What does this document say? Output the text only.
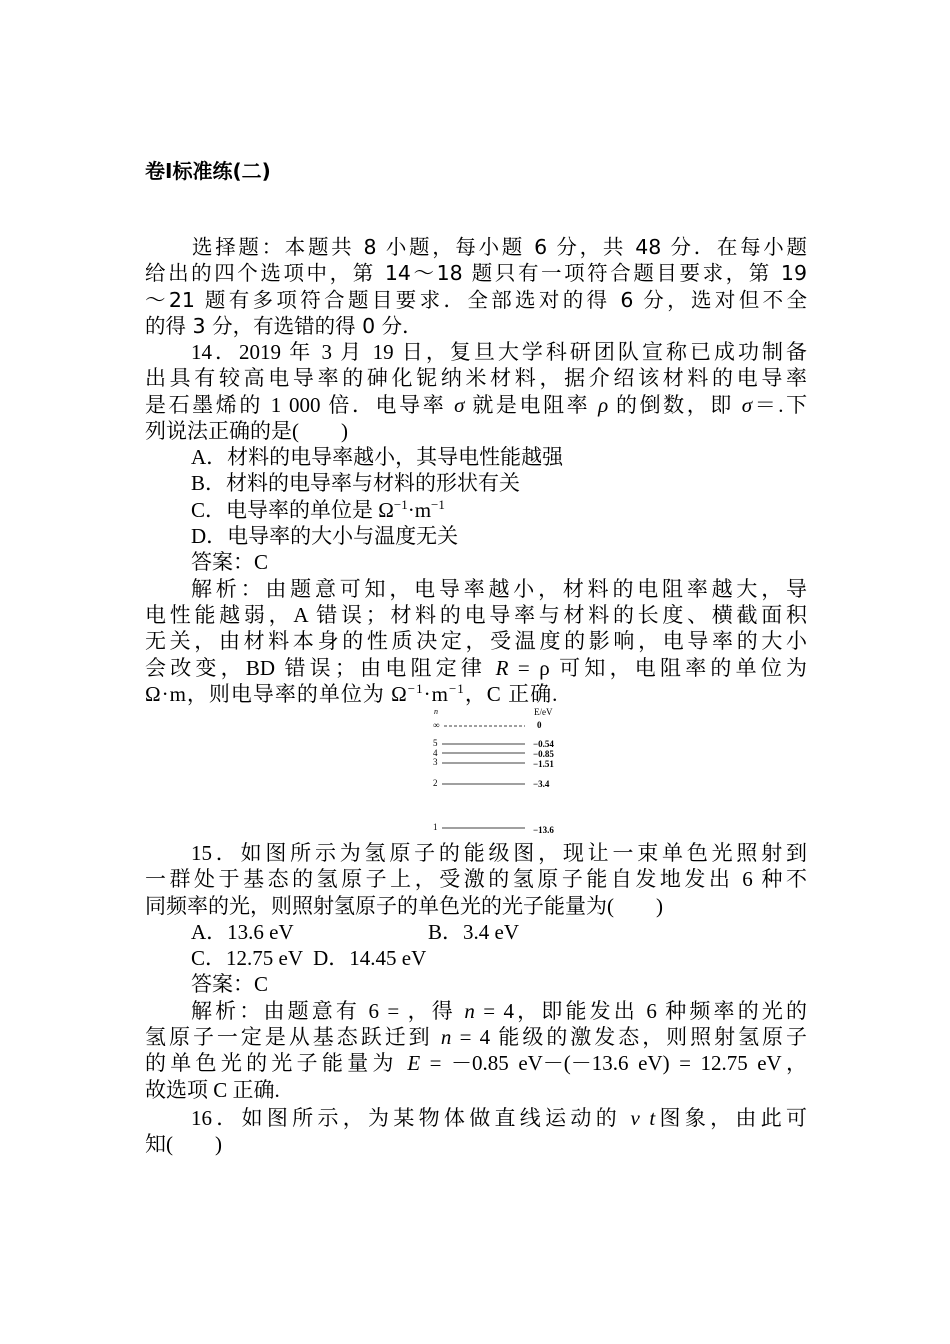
卷Ⅰ标准练(二)
选择题：本题共 8 小题，每小题 6 分，共 48 分．在每小题
给出的四个选项中，第 14～18 题只有一项符合题目要求，第 19
～21 题有多项符合题目要求．全部选对的得 6 分，选对但不全
的得 3 分，有选错的得 0 分．
14．2019 年 3 月 19 日，复旦大学科研团队宣称已成功制备
出具有较高电导率的砷化铌纳米材料，据介绍该材料的电导率
是石墨烯的 1 000 倍．电导率 σ 就是电阻率 ρ 的倒数，即 σ＝.下
列说法正确的是(　　)
A．材料的电导率越小，其导电性能越强
B．材料的电导率与材料的形状有关
C．电导率的单位是 $\Omega^{-1}\cdot m^{-1}$
D．电导率的大小与温度无关
答案：C
解析：由题意可知，电导率越小，材料的电阻率越大，导
电性能越弱，A 错误；材料的电导率与材料的长度、横截面积
无关，由材料本身的性质决定，受温度的影响，电导率的大小
会改变，BD 错误；由电阻定律 R = ρ 可知，电阻率的单位为
Ω·m，则电导率的单位为 $\Omega^{-1}\cdot m^{-1}$，C 正确.
n	E/eV
∞	0
5	−0.54
4	−0.85
3	−1.51
2	−3.4
1	−13.6
15．如图所示为氢原子的能级图，现让一束单色光照射到
一群处于基态的氢原子上，受激的氢原子能自发地发出 6 种不
同频率的光，则照射氢原子的单色光的光子能量为(　　)
A．13.6 eV	B．3.4 eV
C．12.75 eV  D．14.45 eV
答案：C
解析：由题意有 6 = ，得 n = 4，即能发出 6 种频率的光的
氢原子一定是从基态跃迁到 n = 4 能级的激发态，则照射氢原子
的单色光的光子能量为 E = －0.85 eV－(－13.6 eV) = 12.75 eV，
故选项 C 正确.
16．如图所示，为某物体做直线运动的 v t图象，由此可
知(　　)
